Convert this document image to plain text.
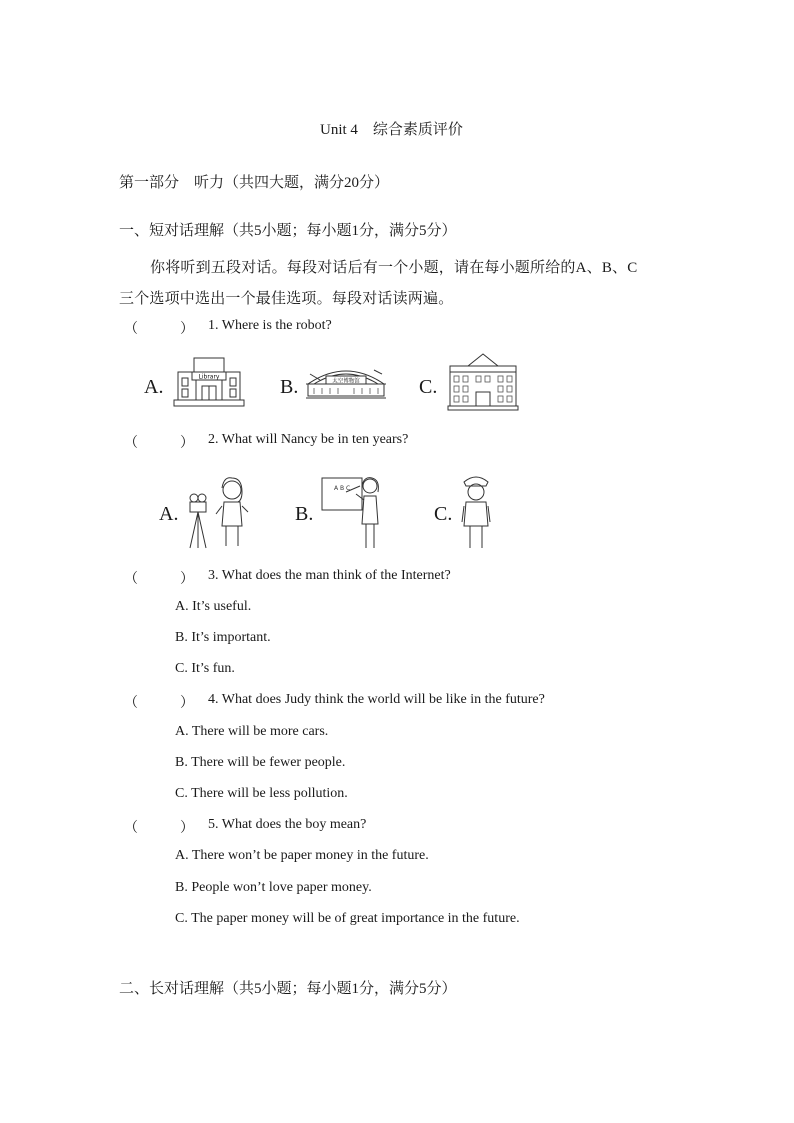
Unit 4　综合素质评价
第一部分　听力（共四大题，满分20分）
一、短对话理解（共5小题；每小题1分，满分5分）
你将听到五段对话。每段对话后有一个小题，请在每小题所给的A、B、C
三个选项中选出一个最佳选项。每段对话读两遍。
（　　　） 1. Where is the robot?
A.	Library	B.	太空博物馆	C.
（　　　） 2. What will Nancy be in ten years?
A.	B.
A B C
C.
（　　　） 3. What does the man think of the Internet?
A. It’s useful.
B. It’s important.
C. It’s fun.
（　　　） 4. What does Judy think the world will be like in the future?
A. There will be more cars.
B. There will be fewer people.
C. There will be less pollution.
（　　　） 5. What does the boy mean?
A. There won’t be paper money in the future.
B. People won’t love paper money.
C. The paper money will be of great importance in the future.
二、长对话理解（共5小题；每小题1分，满分5分）
